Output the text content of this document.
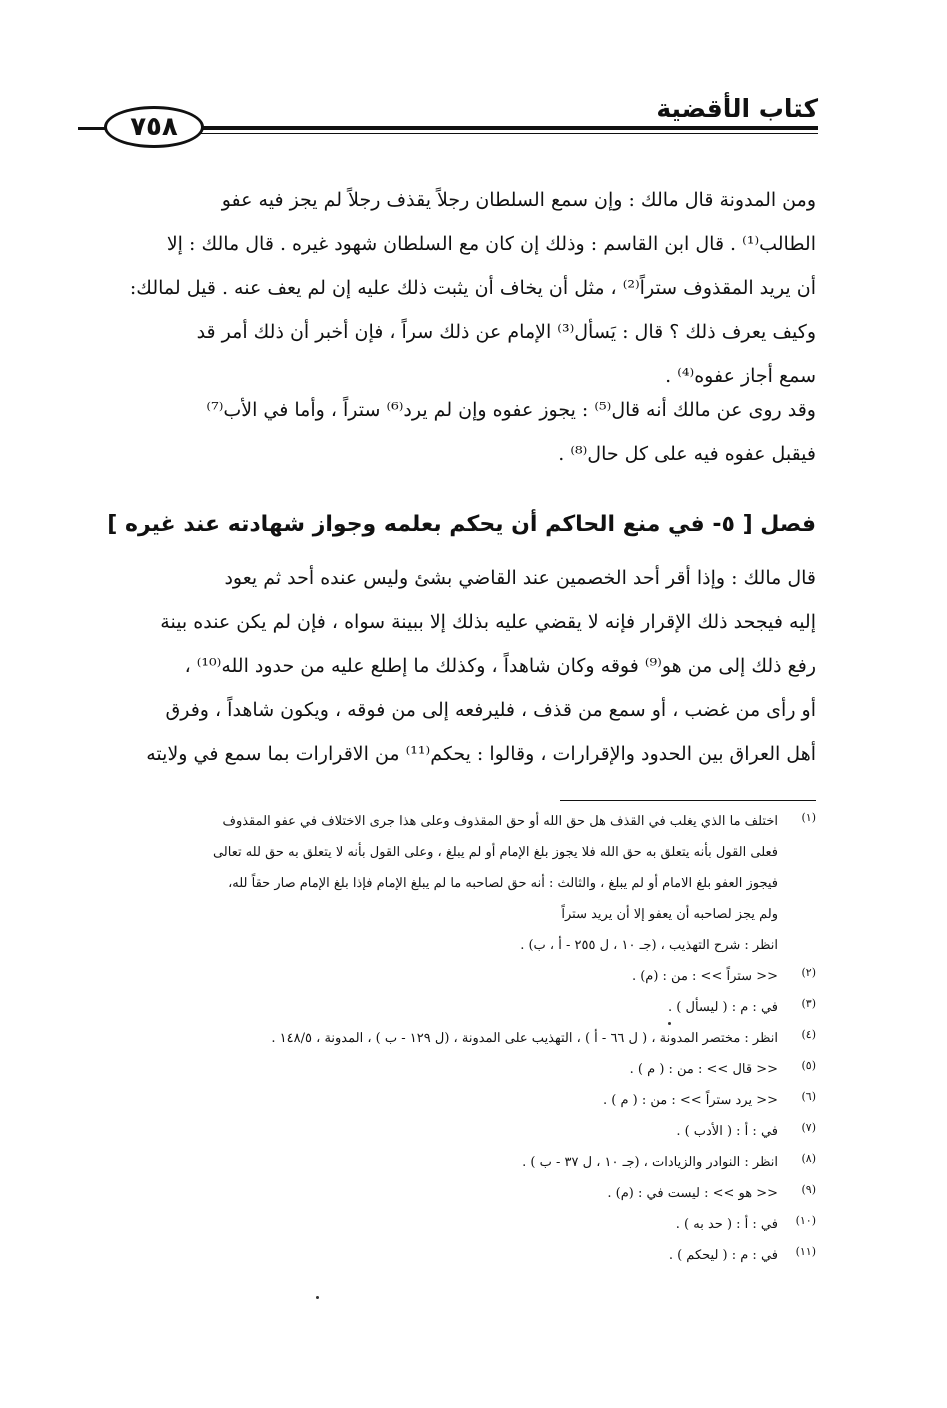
كتاب الأقضية
٧٥٨

ومن المدونة قال مالك : وإن سمع السلطان رجلاً يقذف رجلاً لم يجز فيه عفو
الطالب⁽¹⁾ . قال ابن القاسم : وذلك إن كان مع السلطان شهود غيره . قال مالك : إلا
أن يريد المقذوف ستراً⁽²⁾ ، مثل أن يخاف أن يثبت ذلك عليه إن لم يعف عنه . قيل لمالك:
وكيف يعرف ذلك ؟ قال : يَسأل⁽³⁾ الإمام عن ذلك سراً ، فإن أخبر أن ذلك أمر قد
سمع أجاز عفوه⁽⁴⁾ .

وقد روى عن مالك أنه قال⁽⁵⁾ : يجوز عفوه وإن لم يرد⁽⁶⁾ ستراً ، وأما في الأب⁽⁷⁾
فيقبل عفوه فيه على كل حال⁽⁸⁾ .

فصل [ ٥- في منع الحاكم أن يحكم بعلمه وجواز شهادته عند غيره ]

قال مالك : وإذا أقر أحد الخصمين عند القاضي بشئ وليس عنده أحد ثم يعود
إليه فيجحد ذلك الإقرار فإنه لا يقضي عليه بذلك إلا ببينة سواه ، فإن لم يكن عنده بينة
رفع ذلك إلى من هو⁽⁹⁾ فوقه وكان شاهداً ، وكذلك ما إطلع عليه من حدود الله⁽¹⁰⁾ ،
أو رأى من غضب ، أو سمع من قذف ، فليرفعه إلى من فوقه ، ويكون شاهداً ، وفرق
أهل العراق بين الحدود والإقرارات ، وقالوا : يحكم⁽¹¹⁾ من الاقرارات بما سمع في ولايته

(١)
اختلف ما الذي يغلب في القذف هل حق الله أو حق المقذوف وعلى هذا جرى الاختلاف في عفو المقذوف
فعلى القول بأنه يتعلق به حق الله فلا يجوز بلغ الإمام أو لم يبلغ ، وعلى القول بأنه لا يتعلق به حق لله تعالى
فيجوز العفو بلغ الامام أو لم يبلغ ، والثالث : أنه حق لصاحبه ما لم يبلغ الإمام فإذا بلغ الإمام صار حقاً لله،
ولم يجز لصاحبه أن يعفو إلا أن يريد ستراً
انظر : شرح التهذيب ، (جـ ١٠ ، ل ٢٥٥ - أ ، ب) .
(٢)
<< ستراً >> : من : (م) .
(٣)
في : م : ( ليسأل ) .
(٤)
انظر : مختصر المدونة ، ( ل ٦٦ - أ ) ، التهذيب على المدونة ، (ل ١٢٩ - ب ) ، المدونة ، ١٤٨/٥ .
(٥)
<< قال >> : من : ( م ) .
(٦)
<< يرد ستراً >> : من : ( م ) .
(٧)
في : أ : ( الأدب ) .
(٨)
انظر : النوادر والزيادات ، (جـ ١٠ ، ل ٣٧ - ب ) .
(٩)
<< هو >> : ليست في : (م) .
(١٠)
في : أ : ( حد به ) .
(١١)
في : م : ( ليحكم ) .
